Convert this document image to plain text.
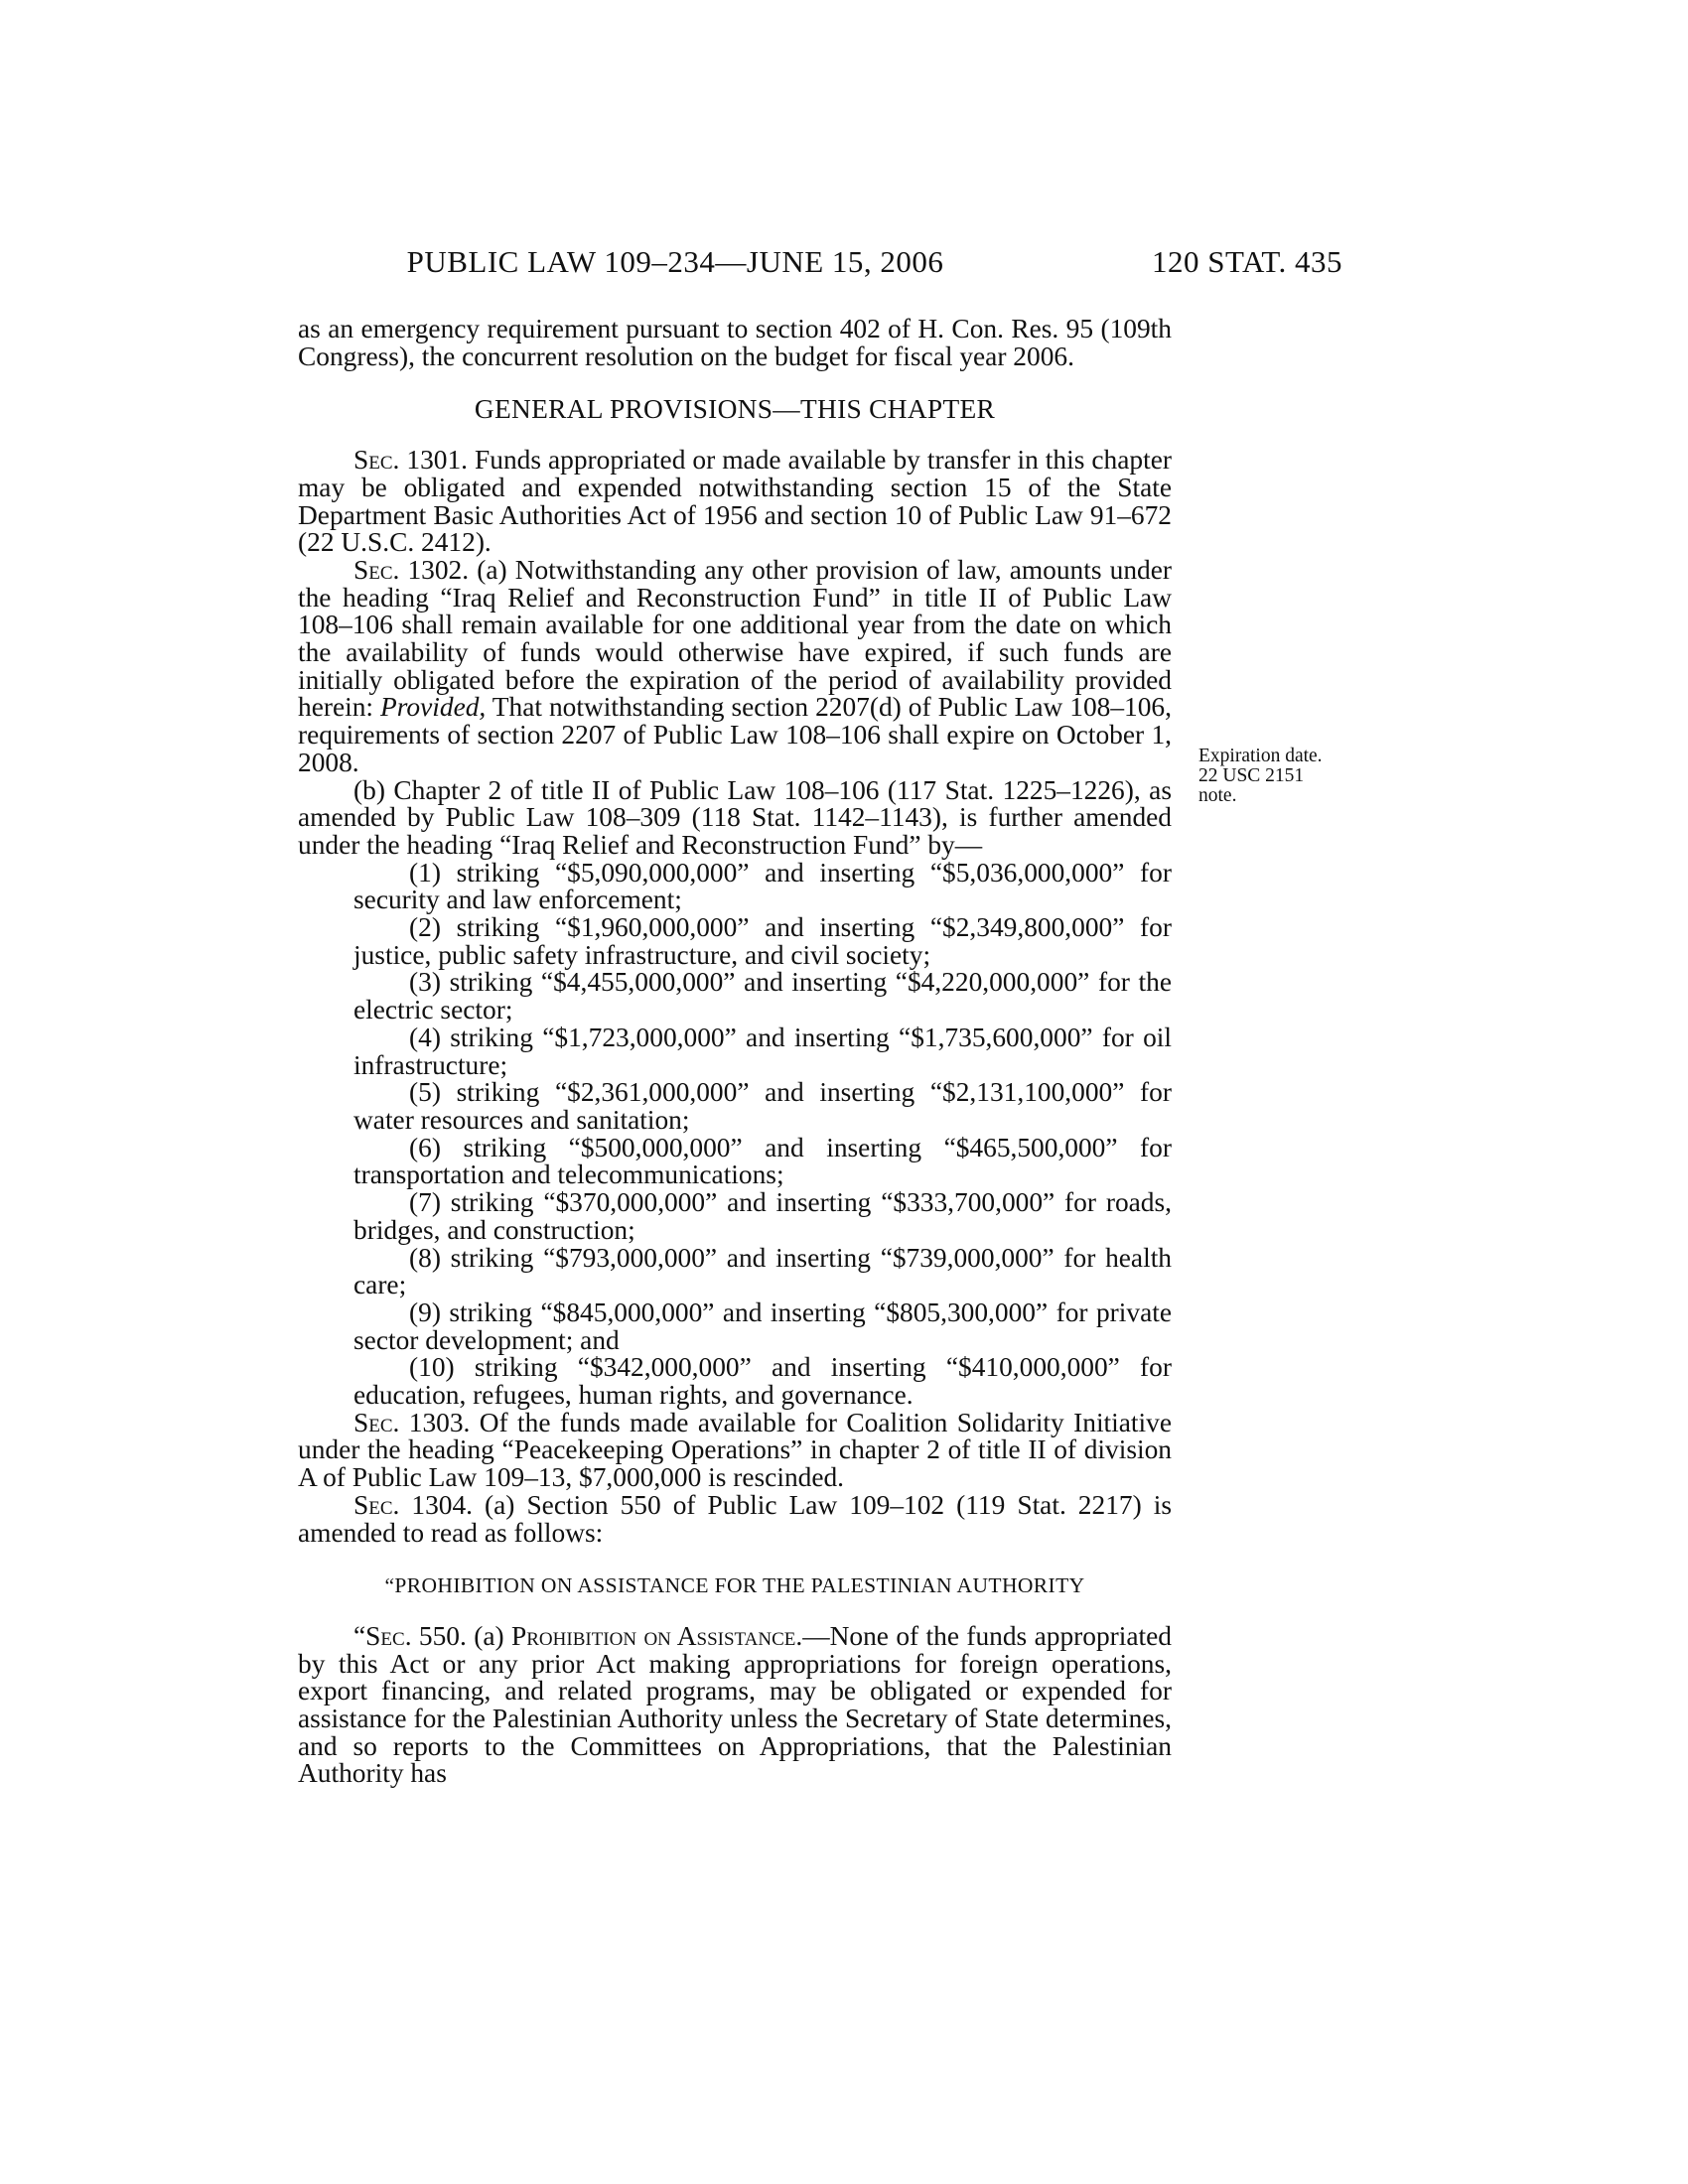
PUBLIC LAW 109–234—JUNE 15, 2006	120 STAT. 435
Expiration date.
22 USC 2151
note.

as an emergency requirement pursuant to section 402 of H. Con. Res. 95 (109th Congress), the concurrent resolution on the budget for fiscal year 2006.

GENERAL PROVISIONS—THIS CHAPTER

Sec. 1301. Funds appropriated or made available by transfer in this chapter may be obligated and expended notwithstanding section 15 of the State Department Basic Authorities Act of 1956 and section 10 of Public Law 91–672 (22 U.S.C. 2412).

Sec. 1302. (a) Notwithstanding any other provision of law, amounts under the heading “Iraq Relief and Reconstruction Fund” in title II of Public Law 108–106 shall remain available for one additional year from the date on which the availability of funds would otherwise have expired, if such funds are initially obligated before the expiration of the period of availability provided herein: Provided, That notwithstanding section 2207(d) of Public Law 108–106, requirements of section 2207 of Public Law 108–106 shall expire on October 1, 2008.

(b) Chapter 2 of title II of Public Law 108–106 (117 Stat. 1225–1226), as amended by Public Law 108–309 (118 Stat. 1142–1143), is further amended under the heading “Iraq Relief and Reconstruction Fund” by—

(1) striking “$5,090,000,000” and inserting “$5,036,000,000” for security and law enforcement;

(2) striking “$1,960,000,000” and inserting “$2,349,800,000” for justice, public safety infrastructure, and civil society;

(3) striking “$4,455,000,000” and inserting “$4,220,000,000” for the electric sector;

(4) striking “$1,723,000,000” and inserting “$1,735,600,000” for oil infrastructure;

(5) striking “$2,361,000,000” and inserting “$2,131,100,000” for water resources and sanitation;

(6) striking “$500,000,000” and inserting “$465,500,000” for transportation and telecommunications;

(7) striking “$370,000,000” and inserting “$333,700,000” for roads, bridges, and construction;

(8) striking “$793,000,000” and inserting “$739,000,000” for health care;

(9) striking “$845,000,000” and inserting “$805,300,000” for private sector development; and

(10) striking “$342,000,000” and inserting “$410,000,000” for education, refugees, human rights, and governance.

Sec. 1303. Of the funds made available for Coalition Solidarity Initiative under the heading “Peacekeeping Operations” in chapter 2 of title II of division A of Public Law 109–13, $7,000,000 is rescinded.

Sec. 1304. (a) Section 550 of Public Law 109–102 (119 Stat. 2217) is amended to read as follows:

“PROHIBITION ON ASSISTANCE FOR THE PALESTINIAN AUTHORITY

“Sec. 550. (a) Prohibition on Assistance.—None of the funds appropriated by this Act or any prior Act making appropriations for foreign operations, export financing, and related programs, may be obligated or expended for assistance for the Palestinian Authority unless the Secretary of State determines, and so reports to the Committees on Appropriations, that the Palestinian Authority has
